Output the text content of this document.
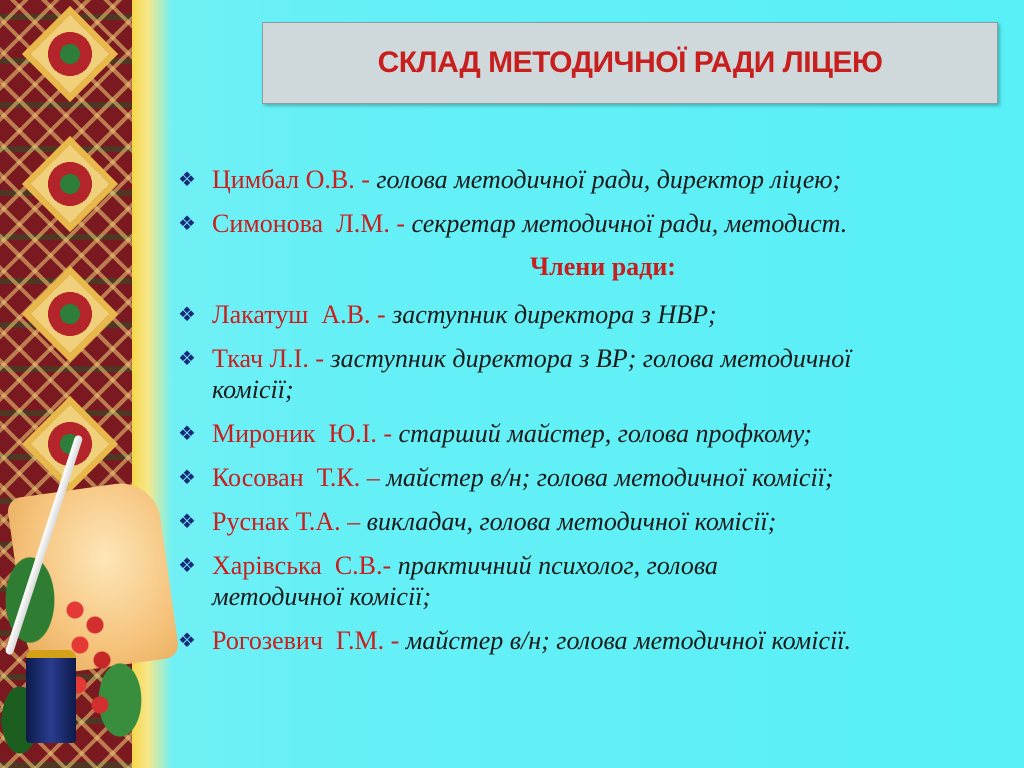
СКЛАД МЕТОДИЧНОЇ РАДИ ЛІЦЕЮ
❖ Цимбал О.В. - голова методичної ради, директор ліцею;
❖ Симонова  Л.М. - секретар методичної ради, методист.
Члени ради:
❖ Лакатуш  А.В. - заступник директора з НВР;
❖ Ткач Л.І. - заступник директора з ВР; голова методичної комісії;
❖ Мироник  Ю.І. - старший майстер, голова профкому;
❖ Косован  Т.К. – майстер в/н; голова методичної комісії;
❖ Руснак Т.А. – викладач, голова методичної комісії;
❖ Харівська  С.В.- практичний психолог, голова методичної комісії;
❖ Рогозевич  Г.М. - майстер в/н; голова методичної комісії.
